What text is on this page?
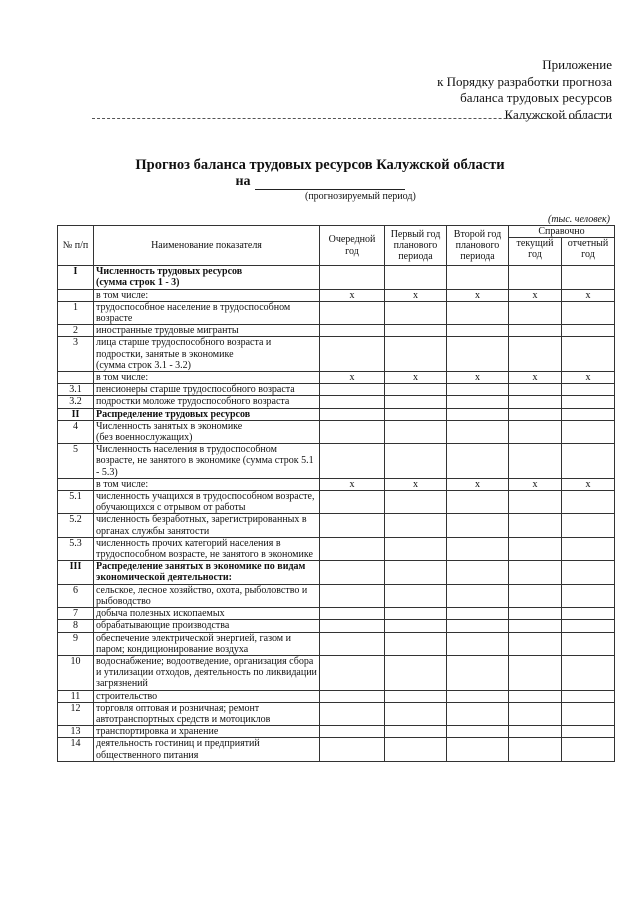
Приложение
к Порядку разработки прогноза
баланса трудовых ресурсов
Калужской области
Прогноз баланса трудовых ресурсов Калужской области
на
(прогнозируемый период)
(тыс. человек)
№ п/п	Наименование показателя	Очередной год	Первый год планового периода	Второй год планового периода	Справочно	
					текущий год	отчетный год

I	Численность трудовых ресурсов
(сумма строк 1 - 3)					
	в том числе:	х	х	х	х	х
1	трудоспособное население в трудоспособном возрасте					
2	иностранные трудовые мигранты					
3	лица старше трудоспособного возраста и подростки, занятые в экономике
(сумма строк 3.1 - 3.2)					
	в том числе:	х	х	х	х	х
3.1	пенсионеры старше трудоспособного возраста					
3.2	подростки моложе трудоспособного возраста					
II	Распределение трудовых ресурсов					
4	Численность занятых в экономике
(без военнослужащих)					
5	Численность населения в трудоспособном возрасте, не занятого в экономике (сумма строк 5.1 - 5.3)					
	в том числе:	х	х	х	х	х
5.1	численность учащихся в трудоспособном возрасте, обучающихся с отрывом от работы					
5.2	численность безработных, зарегистрированных в органах службы занятости					
5.3	численность прочих категорий населения в трудоспособном возрасте, не занятого в экономике					
III	Распределение занятых в экономике по видам экономической деятельности:					
6	сельское, лесное хозяйство, охота, рыболовство и рыбоводство					
7	добыча полезных ископаемых					
8	обрабатывающие производства					
9	обеспечение электрической энергией, газом и паром; кондиционирование воздуха					
10	водоснабжение; водоотведение, организация сбора и утилизации отходов, деятельность по ликвидации загрязнений					
11	строительство					
12	торговля оптовая и розничная; ремонт автотранспортных средств и мотоциклов					
13	транспортировка и хранение					
14	деятельность гостиниц и предприятий общественного питания					
